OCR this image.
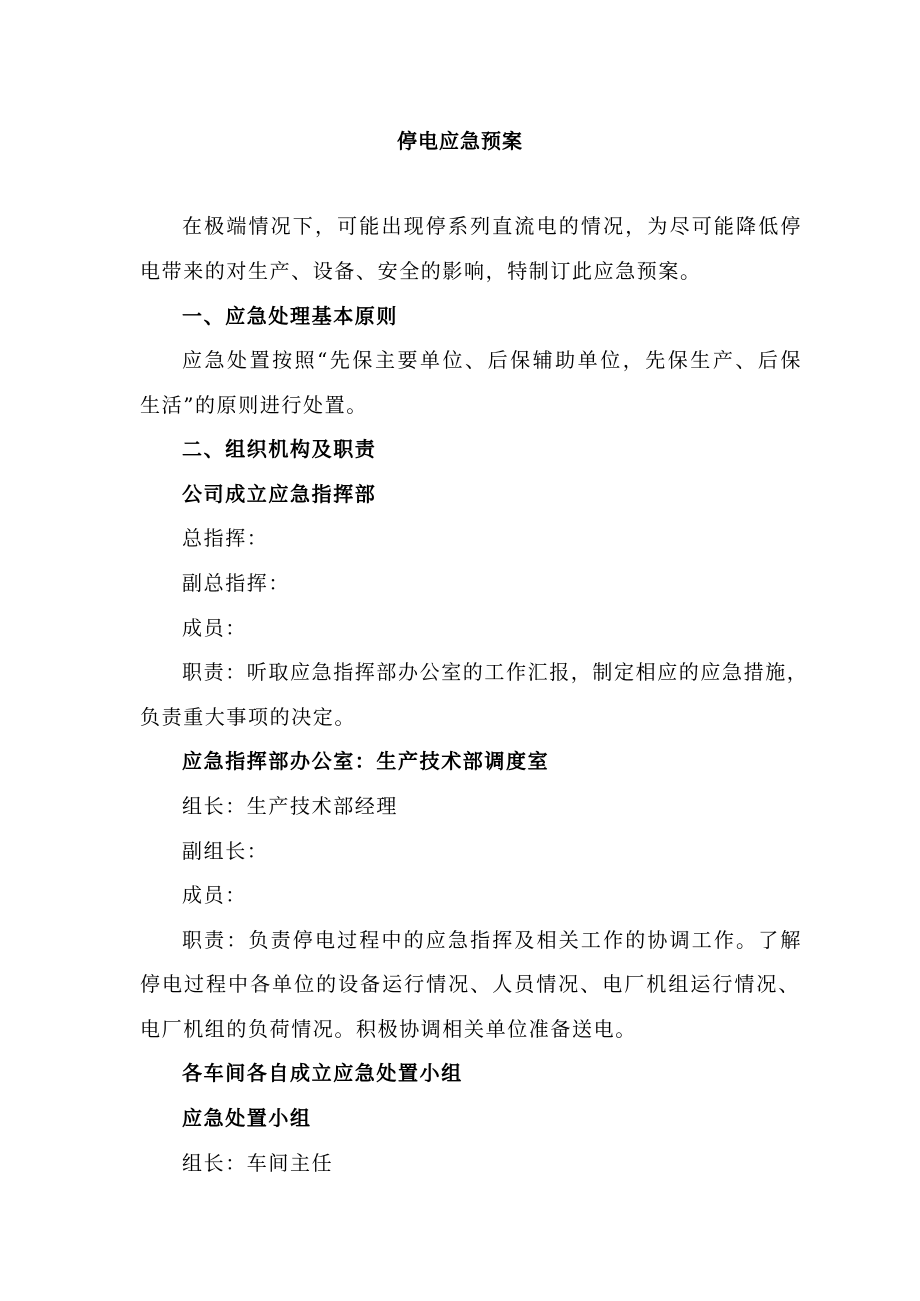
停电应急预案
在极端情况下，可能出现停系列直流电的情况，为尽可能降低停
电带来的对生产、设备、安全的影响，特制订此应急预案。
一、应急处理基本原则
应急处置按照“先保主要单位、后保辅助单位，先保生产、后保
生活”的原则进行处置。
二、组织机构及职责
公司成立应急指挥部
总指挥：
副总指挥：
成员：
职责：听取应急指挥部办公室的工作汇报，制定相应的应急措施，
负责重大事项的决定。
应急指挥部办公室：生产技术部调度室
组长：生产技术部经理
副组长：
成员：
职责：负责停电过程中的应急指挥及相关工作的协调工作。了解
停电过程中各单位的设备运行情况、人员情况、电厂机组运行情况、
电厂机组的负荷情况。积极协调相关单位准备送电。
各车间各自成立应急处置小组
应急处置小组
组长：车间主任
